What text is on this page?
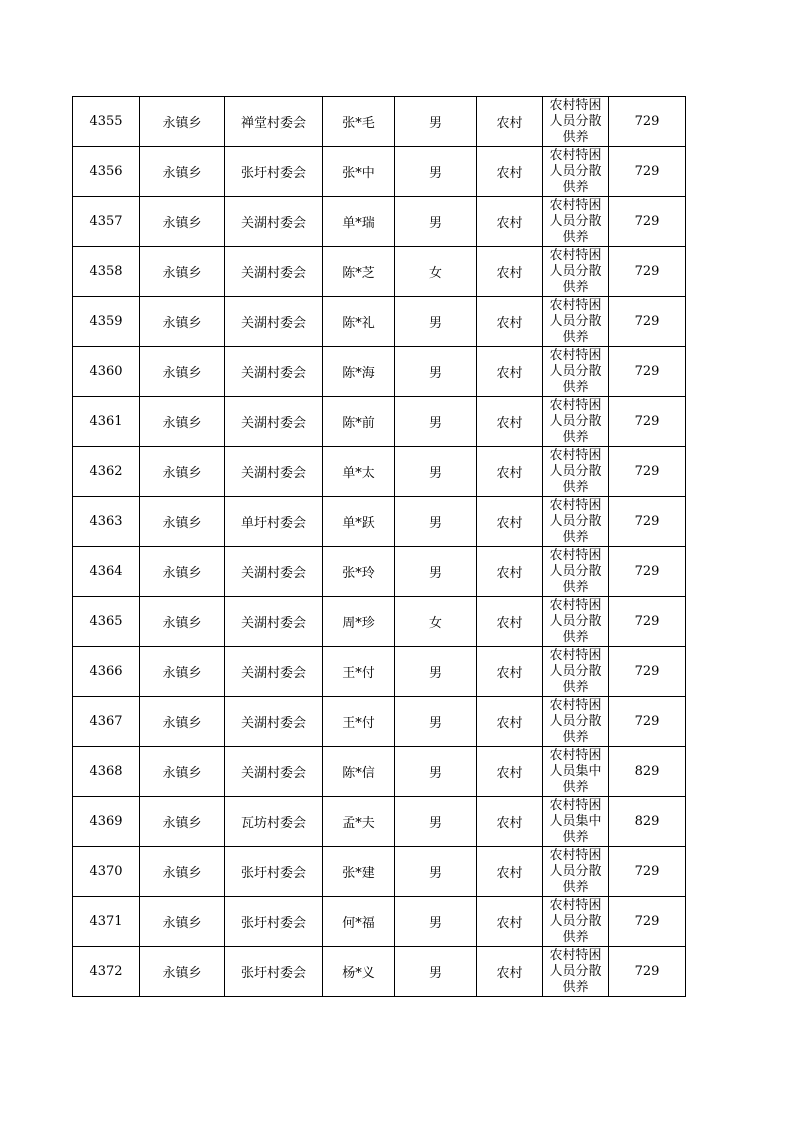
4355	永镇乡	禅堂村委会	张*毛	男	农村	农村特困人员分散供养	729
4356	永镇乡	张圩村委会	张*中	男	农村	农村特困人员分散供养	729
4357	永镇乡	关湖村委会	单*瑞	男	农村	农村特困人员分散供养	729
4358	永镇乡	关湖村委会	陈*芝	女	农村	农村特困人员分散供养	729
4359	永镇乡	关湖村委会	陈*礼	男	农村	农村特困人员分散供养	729
4360	永镇乡	关湖村委会	陈*海	男	农村	农村特困人员分散供养	729
4361	永镇乡	关湖村委会	陈*前	男	农村	农村特困人员分散供养	729
4362	永镇乡	关湖村委会	单*太	男	农村	农村特困人员分散供养	729
4363	永镇乡	单圩村委会	单*跃	男	农村	农村特困人员分散供养	729
4364	永镇乡	关湖村委会	张*玲	男	农村	农村特困人员分散供养	729
4365	永镇乡	关湖村委会	周*珍	女	农村	农村特困人员分散供养	729
4366	永镇乡	关湖村委会	王*付	男	农村	农村特困人员分散供养	729
4367	永镇乡	关湖村委会	王*付	男	农村	农村特困人员分散供养	729
4368	永镇乡	关湖村委会	陈*信	男	农村	农村特困人员集中供养	829
4369	永镇乡	瓦坊村委会	孟*夫	男	农村	农村特困人员集中供养	829
4370	永镇乡	张圩村委会	张*建	男	农村	农村特困人员分散供养	729
4371	永镇乡	张圩村委会	何*福	男	农村	农村特困人员分散供养	729
4372	永镇乡	张圩村委会	杨*义	男	农村	农村特困人员分散供养	729
